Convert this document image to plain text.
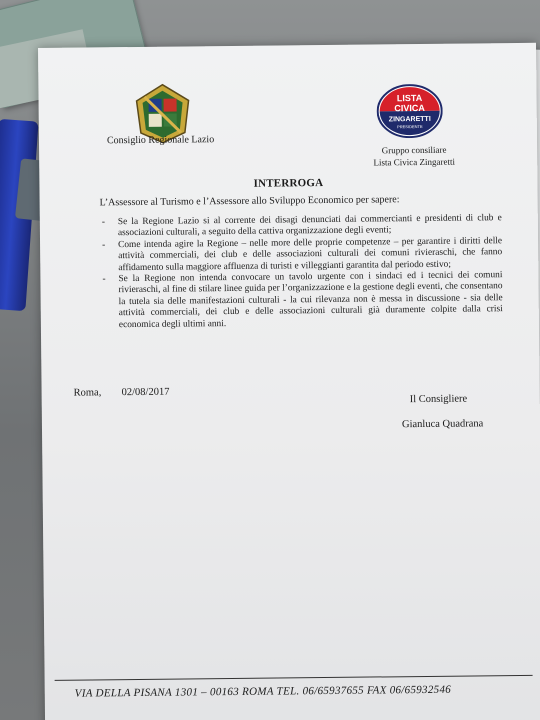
Consiglio Regionale Lazio
LISTA
CIVICA
ZINGARETTI
PRESIDENTE
Gruppo consiliare
Lista Civica Zingaretti
INTERROGA
L’Assessore al Turismo e l’Assessore allo Sviluppo Economico per sapere:
- Se la Regione Lazio si al corrente dei disagi denunciati dai commercianti e presidenti di club e associazioni culturali, a seguito della cattiva organizzazione degli eventi;
- Come intenda agire la Regione – nelle more delle proprie competenze – per garantire i diritti delle attività commerciali, dei club e delle associazioni culturali dei comuni rivieraschi, che fanno affidamento sulla maggiore affluenza di turisti e villeggianti garantita dal periodo estivo;
- Se la Regione non intenda convocare un tavolo urgente con i sindaci ed i tecnici dei comuni rivieraschi, al fine di stilare linee guida per l’organizzazione e la gestione degli eventi, che consentano la tutela sia delle manifestazioni culturali - la cui rilevanza non è messa in discussione - sia delle attività commerciali, dei club e delle associazioni culturali già duramente colpite dalla crisi economica degli ultimi anni.
Roma, 02/08/2017
Il Consigliere
Gianluca Quadrana
VIA DELLA PISANA 1301 – 00163 ROMA TEL. 06/65937655 FAX 06/65932546
